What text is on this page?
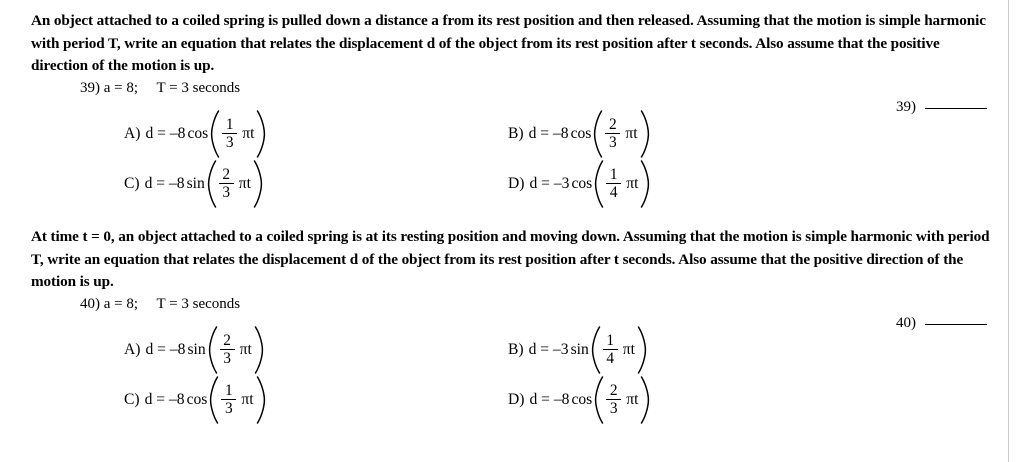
An object attached to a coiled spring is pulled down a distance a from its rest position and then released. Assuming that the motion is simple harmonic with period T, write an equation that relates the displacement d of the object from its rest position after t seconds. Also assume that the positive direction of the motion is up.

39) a = 8;     T = 3 seconds

39)

A) d = –8 $\cos \frac{1}{3}$ πt	B) d = –8 $\cos \frac{2}{3}$ πt
C) d = –8 $\sin \frac{2}{3}$ πt	D) d = –3 $\cos \frac{1}{4}$ πt

At time t = 0, an object attached to a coiled spring is at its resting position and moving down. Assuming that the motion is simple harmonic with period T, write an equation that relates the displacement d of the object from its rest position after t seconds. Also assume that the positive direction of the motion is up.

40) a = 8;     T = 3 seconds

40)

A) d = –8 $\sin \frac{2}{3}$ πt	B) d = –3 $\sin \frac{1}{4}$ πt
C) d = –8 $\cos \frac{1}{3}$ πt	D) d = –8 $\cos \frac{2}{3}$ πt
